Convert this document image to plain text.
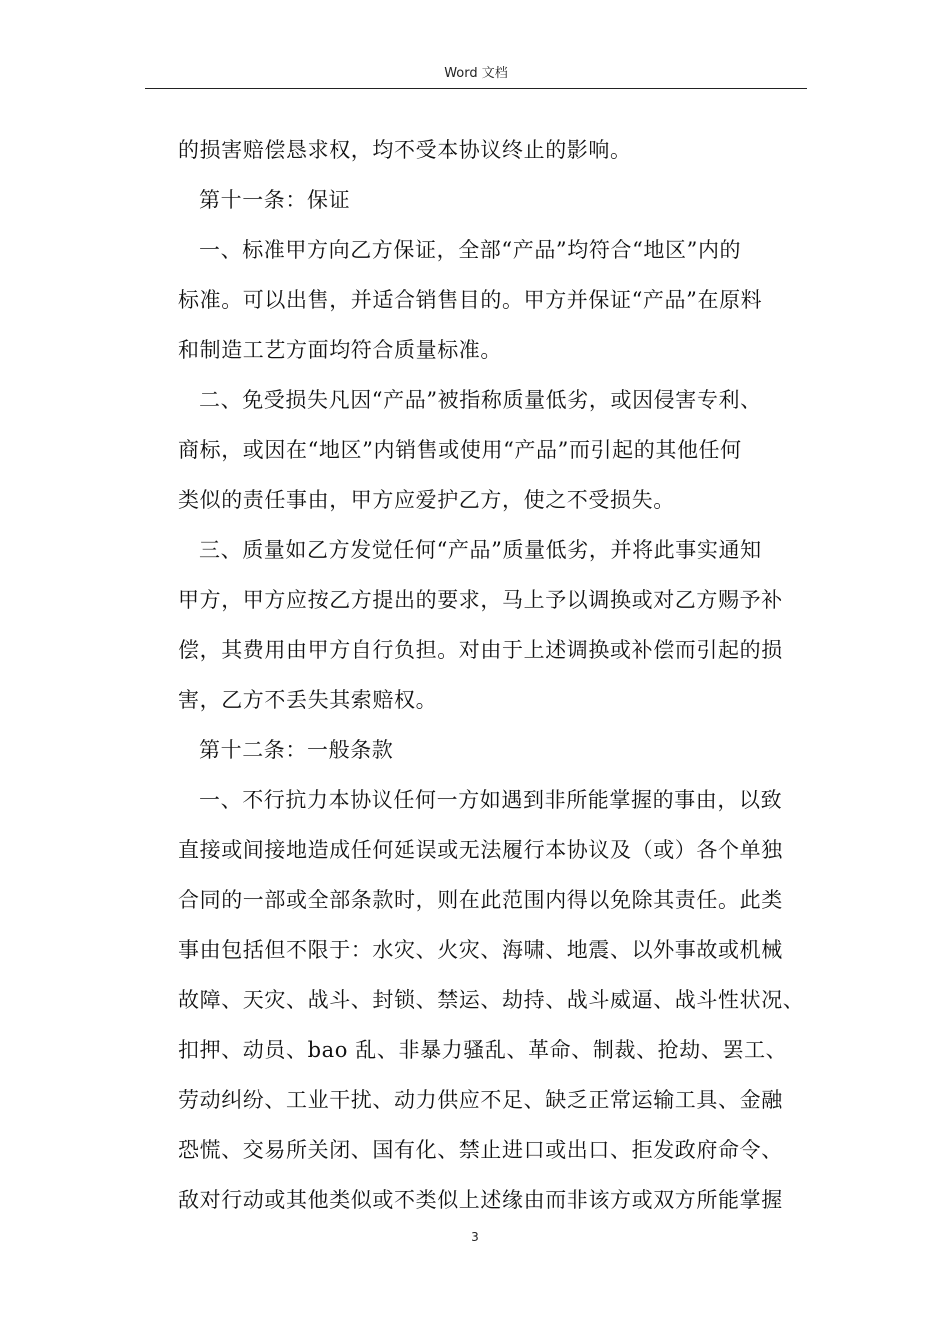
Word 文档
的损害赔偿恳求权，均不受本协议终止的影响。
第十一条：保证
一、标准甲方向乙方保证，全部“产品”均符合“地区”内的
标准。可以出售，并适合销售目的。甲方并保证“产品”在原料
和制造工艺方面均符合质量标准。
二、免受损失凡因“产品”被指称质量低劣，或因侵害专利、
商标，或因在“地区”内销售或使用“产品”而引起的其他任何
类似的责任事由，甲方应爱护乙方，使之不受损失。
三、质量如乙方发觉任何“产品”质量低劣，并将此事实通知
甲方，甲方应按乙方提出的要求，马上予以调换或对乙方赐予补
偿，其费用由甲方自行负担。对由于上述调换或补偿而引起的损
害，乙方不丢失其索赔权。
第十二条：一般条款
一、不行抗力本协议任何一方如遇到非所能掌握的事由，以致
直接或间接地造成任何延误或无法履行本协议及（或）各个单独
合同的一部或全部条款时，则在此范围内得以免除其责任。此类
事由包括但不限于：水灾、火灾、海啸、地震、以外事故或机械
故障、天灾、战斗、封锁、禁运、劫持、战斗威逼、战斗性状况、
扣押、动员、bao 乱、非暴力骚乱、革命、制裁、抢劫、罢工、
劳动纠纷、工业干扰、动力供应不足、缺乏正常运输工具、金融
恐慌、交易所关闭、国有化、禁止进口或出口、拒发政府命令、
敌对行动或其他类似或不类似上述缘由而非该方或双方所能掌握
3
